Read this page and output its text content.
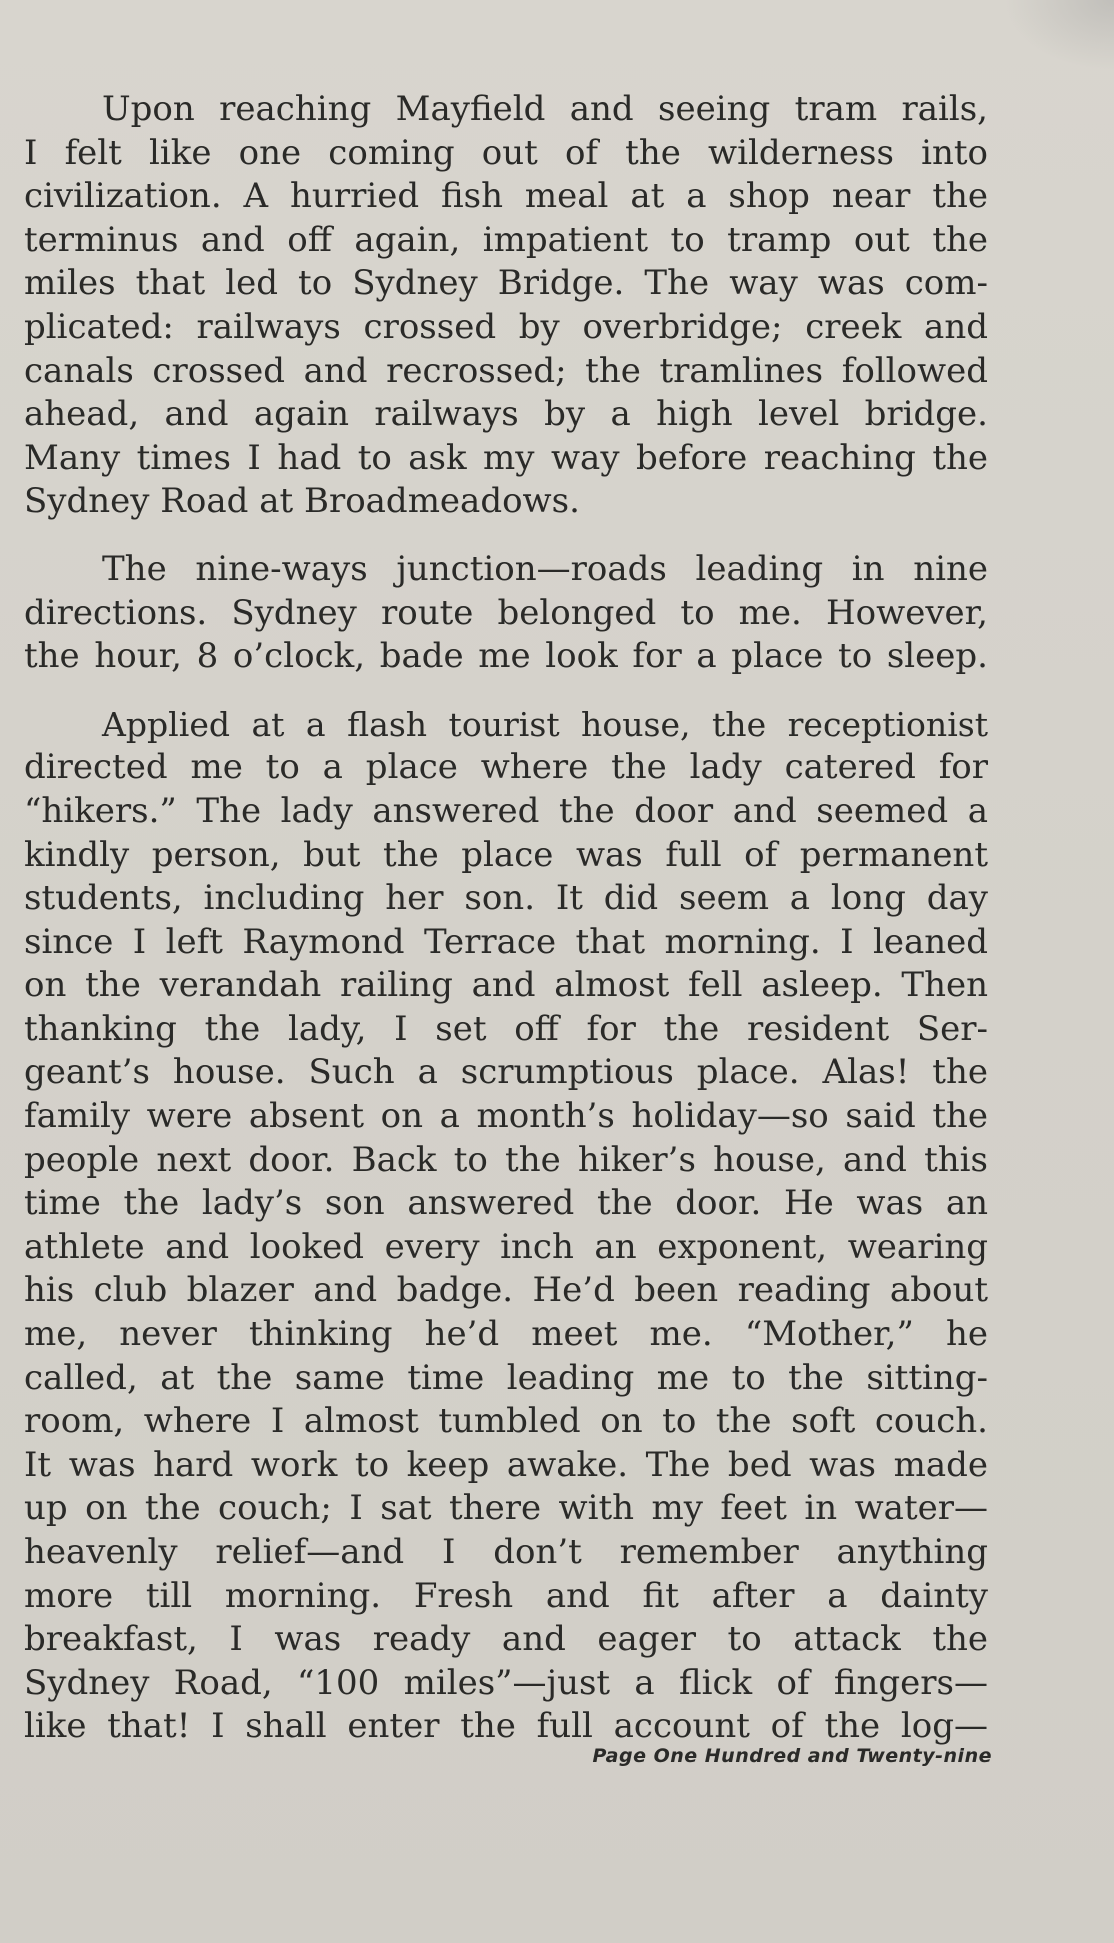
Upon reaching Mayfield and seeing tram rails,
I felt like one coming out of the wilderness into
civilization. A hurried fish meal at a shop near the
terminus and off again, impatient to tramp out the
miles that led to Sydney Bridge. The way was com-
plicated: railways crossed by overbridge; creek and
canals crossed and recrossed; the tramlines followed
ahead, and again railways by a high level bridge.
Many times I had to ask my way before reaching the
Sydney Road at Broadmeadows.
The nine-ways junction—roads leading in nine
directions. Sydney route belonged to me. However,
the hour, 8 o’clock, bade me look for a place to sleep.
Applied at a flash tourist house, the receptionist
directed me to a place where the lady catered for
“hikers.” The lady answered the door and seemed a
kindly person, but the place was full of permanent
students, including her son. It did seem a long day
since I left Raymond Terrace that morning. I leaned
on the verandah railing and almost fell asleep. Then
thanking the lady, I set off for the resident Ser-
geant’s house. Such a scrumptious place. Alas! the
family were absent on a month’s holiday—so said the
people next door. Back to the hiker’s house, and this
time the lady’s son answered the door. He was an
athlete and looked every inch an exponent, wearing
his club blazer and badge. He’d been reading about
me, never thinking he’d meet me. “Mother,” he
called, at the same time leading me to the sitting-
room, where I almost tumbled on to the soft couch.
It was hard work to keep awake. The bed was made
up on the couch; I sat there with my feet in water—
heavenly relief—and I don’t remember anything
more till morning. Fresh and fit after a dainty
breakfast, I was ready and eager to attack the
Sydney Road, “100 miles”—just a flick of fingers—
like that! I shall enter the full account of the log—
Page One Hundred and Twenty-nine
